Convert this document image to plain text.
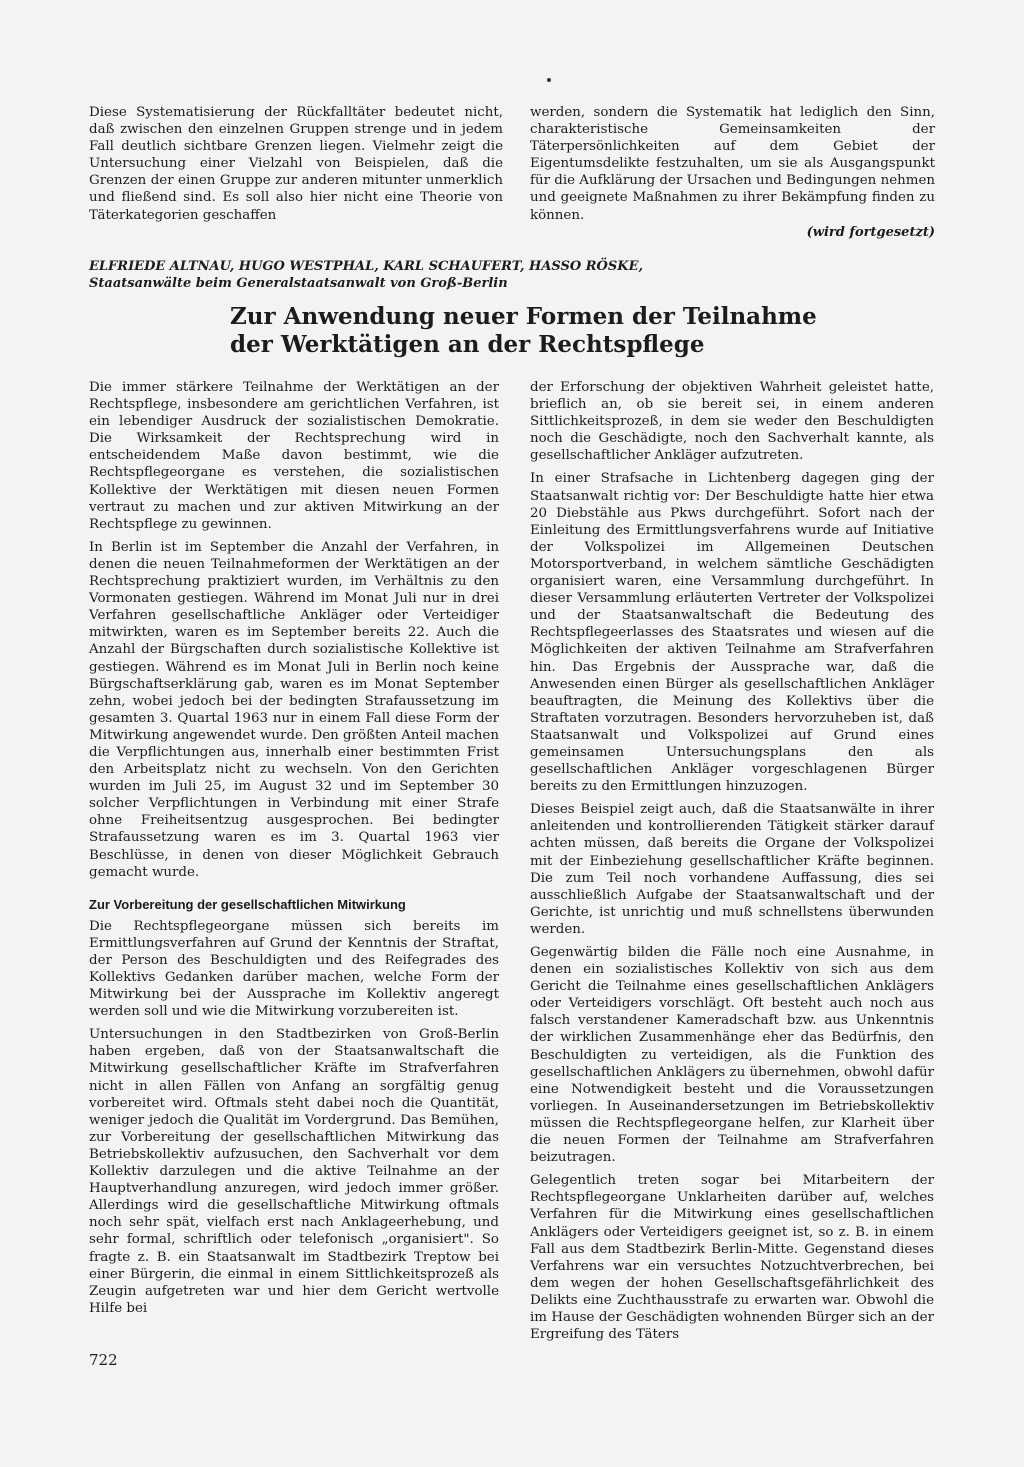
Diese Systematisierung der Rückfalltäter bedeutet nicht, daß zwischen den einzelnen Gruppen strenge und in jedem Fall deutlich sichtbare Grenzen liegen. Vielmehr zeigt die Untersuchung einer Vielzahl von Beispielen, daß die Grenzen der einen Gruppe zur anderen mitunter unmerklich und fließend sind. Es soll also hier nicht eine Theorie von Täterkategorien geschaffen

werden, sondern die Systematik hat lediglich den Sinn, charakteristische Gemeinsamkeiten der Täterpersönlichkeiten auf dem Gebiet der Eigentumsdelikte festzuhalten, um sie als Ausgangspunkt für die Aufklärung der Ursachen und Bedingungen nehmen und geeignete Maßnahmen zu ihrer Bekämpfung finden zu können.

(wird fortgesetzt)

ELFRIEDE ALTNAU, HUGO WESTPHAL, KARL SCHAUFERT, HASSO RÖSKE,
Staatsanwälte beim Generalstaatsanwalt von Groß-Berlin
Zur Anwendung neuer Formen der Teilnahme
der Werktätigen an der Rechtspflege

Die immer stärkere Teilnahme der Werktätigen an der Rechtspflege, insbesondere am gerichtlichen Verfahren, ist ein lebendiger Ausdruck der sozialistischen Demokratie. Die Wirksamkeit der Rechtsprechung wird in entscheidendem Maße davon bestimmt, wie die Rechtspflegeorgane es verstehen, die sozialistischen Kollektive der Werktätigen mit diesen neuen Formen vertraut zu machen und zur aktiven Mitwirkung an der Rechtspflege zu gewinnen.

In Berlin ist im September die Anzahl der Verfahren, in denen die neuen Teilnahmeformen der Werktätigen an der Rechtsprechung praktiziert wurden, im Verhältnis zu den Vormonaten gestiegen. Während im Monat Juli nur in drei Verfahren gesellschaftliche Ankläger oder Verteidiger mitwirkten, waren es im September bereits 22. Auch die Anzahl der Bürgschaften durch sozialistische Kollektive ist gestiegen. Während es im Monat Juli in Berlin noch keine Bürgschaftserklärung gab, waren es im Monat September zehn, wobei jedoch bei der bedingten Strafaussetzung im gesamten 3. Quartal 1963 nur in einem Fall diese Form der Mitwirkung angewendet wurde. Den größten Anteil machen die Verpflichtungen aus, innerhalb einer bestimmten Frist den Arbeitsplatz nicht zu wechseln. Von den Gerichten wurden im Juli 25, im August 32 und im September 30 solcher Verpflichtungen in Verbindung mit einer Strafe ohne Freiheitsentzug ausgesprochen. Bei bedingter Strafaussetzung waren es im 3. Quartal 1963 vier Beschlüsse, in denen von dieser Möglichkeit Gebrauch gemacht wurde.

Zur Vorbereitung der gesellschaftlichen Mitwirkung

Die Rechtspflegeorgane müssen sich bereits im Ermittlungsverfahren auf Grund der Kenntnis der Straftat, der Person des Beschuldigten und des Reifegrades des Kollektivs Gedanken darüber machen, welche Form der Mitwirkung bei der Aussprache im Kollektiv angeregt werden soll und wie die Mitwirkung vorzubereiten ist.

Untersuchungen in den Stadtbezirken von Groß-Berlin haben ergeben, daß von der Staatsanwaltschaft die Mitwirkung gesellschaftlicher Kräfte im Strafverfahren nicht in allen Fällen von Anfang an sorgfältig genug vorbereitet wird. Oftmals steht dabei noch die Quantität, weniger jedoch die Qualität im Vordergrund. Das Bemühen, zur Vorbereitung der gesellschaftlichen Mitwirkung das Betriebskollektiv aufzusuchen, den Sachverhalt vor dem Kollektiv darzulegen und die aktive Teilnahme an der Hauptverhandlung anzuregen, wird jedoch immer größer. Allerdings wird die gesellschaftliche Mitwirkung oftmals noch sehr spät, vielfach erst nach Anklageerhebung, und sehr formal, schriftlich oder telefonisch „organisiert". So fragte z. B. ein Staatsanwalt im Stadtbezirk Treptow bei einer Bürgerin, die einmal in einem Sittlichkeitsprozeß als Zeugin aufgetreten war und hier dem Gericht wertvolle Hilfe bei

der Erforschung der objektiven Wahrheit geleistet hatte, brieflich an, ob sie bereit sei, in einem anderen Sittlichkeitsprozeß, in dem sie weder den Beschuldigten noch die Geschädigte, noch den Sachverhalt kannte, als gesellschaftlicher Ankläger aufzutreten.

In einer Strafsache in Lichtenberg dagegen ging der Staatsanwalt richtig vor: Der Beschuldigte hatte hier etwa 20 Diebstähle aus Pkws durchgeführt. Sofort nach der Einleitung des Ermittlungsverfahrens wurde auf Initiative der Volkspolizei im Allgemeinen Deutschen Motorsportverband, in welchem sämtliche Geschädigten organisiert waren, eine Versammlung durchgeführt. In dieser Versammlung erläuterten Vertreter der Volkspolizei und der Staatsanwaltschaft die Bedeutung des Rechtspflegeerlasses des Staatsrates und wiesen auf die Möglichkeiten der aktiven Teilnahme am Strafverfahren hin. Das Ergebnis der Aussprache war, daß die Anwesenden einen Bürger als gesellschaftlichen Ankläger beauftragten, die Meinung des Kollektivs über die Straftaten vorzutragen. Besonders hervorzuheben ist, daß Staatsanwalt und Volkspolizei auf Grund eines gemeinsamen Untersuchungsplans den als gesellschaftlichen Ankläger vorgeschlagenen Bürger bereits zu den Ermittlungen hinzuzogen.

Dieses Beispiel zeigt auch, daß die Staatsanwälte in ihrer anleitenden und kontrollierenden Tätigkeit stärker darauf achten müssen, daß bereits die Organe der Volkspolizei mit der Einbeziehung gesellschaftlicher Kräfte beginnen. Die zum Teil noch vorhandene Auffassung, dies sei ausschließlich Aufgabe der Staatsanwaltschaft und der Gerichte, ist unrichtig und muß schnellstens überwunden werden.

Gegenwärtig bilden die Fälle noch eine Ausnahme, in denen ein sozialistisches Kollektiv von sich aus dem Gericht die Teilnahme eines gesellschaftlichen Anklägers oder Verteidigers vorschlägt. Oft besteht auch noch aus falsch verstandener Kameradschaft bzw. aus Unkenntnis der wirklichen Zusammenhänge eher das Bedürfnis, den Beschuldigten zu verteidigen, als die Funktion des gesellschaftlichen Anklägers zu übernehmen, obwohl dafür eine Notwendigkeit besteht und die Voraussetzungen vorliegen. In Auseinandersetzungen im Betriebskollektiv müssen die Rechtspflegeorgane helfen, zur Klarheit über die neuen Formen der Teilnahme am Strafverfahren beizutragen.

Gelegentlich treten sogar bei Mitarbeitern der Rechtspflegeorgane Unklarheiten darüber auf, welches Verfahren für die Mitwirkung eines gesellschaftlichen Anklägers oder Verteidigers geeignet ist, so z. B. in einem Fall aus dem Stadtbezirk Berlin-Mitte. Gegenstand dieses Verfahrens war ein versuchtes Notzuchtverbrechen, bei dem wegen der hohen Gesellschaftsgefährlichkeit des Delikts eine Zuchthausstrafe zu erwarten war. Obwohl die im Hause der Geschädigten wohnenden Bürger sich an der Ergreifung des Täters

722
